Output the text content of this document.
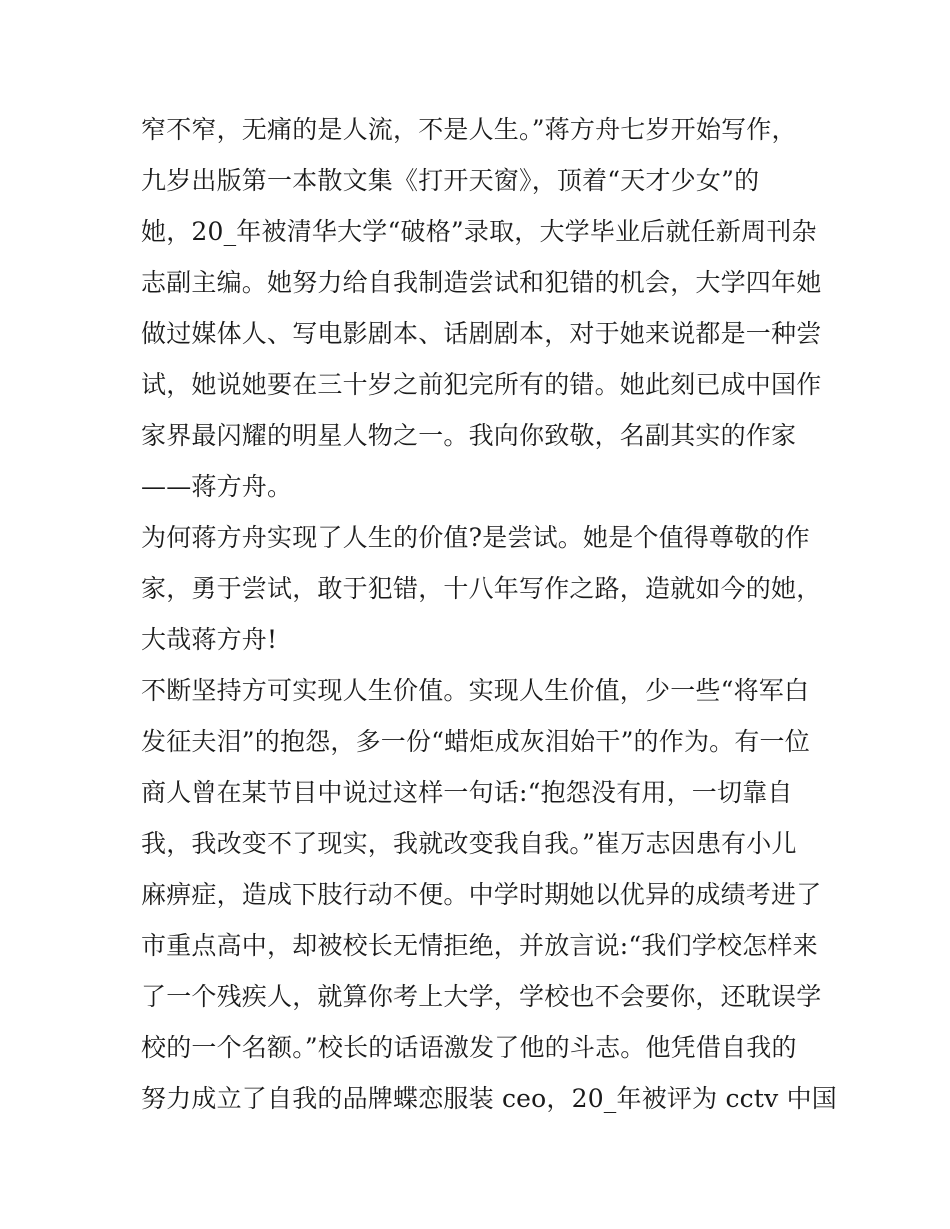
窄不窄，无痛的是人流，不是人生。”蒋方舟七岁开始写作，
九岁出版第一本散文集《打开天窗》，顶着“天才少女”的
她，20_年被清华大学“破格”录取，大学毕业后就任新周刊杂
志副主编。她努力给自我制造尝试和犯错的机会，大学四年她
做过媒体人、写电影剧本、话剧剧本，对于她来说都是一种尝
试，她说她要在三十岁之前犯完所有的错。她此刻已成中国作
家界最闪耀的明星人物之一。我向你致敬，名副其实的作家
——蒋方舟。
为何蒋方舟实现了人生的价值?是尝试。她是个值得尊敬的作
家，勇于尝试，敢于犯错，十八年写作之路，造就如今的她，
大哉蒋方舟!
不断坚持方可实现人生价值。实现人生价值，少一些“将军白
发征夫泪”的抱怨，多一份“蜡炬成灰泪始干”的作为。有一位
商人曾在某节目中说过这样一句话:“抱怨没有用，一切靠自
我，我改变不了现实，我就改变我自我。”崔万志因患有小儿
麻痹症，造成下肢行动不便。中学时期她以优异的成绩考进了
市重点高中，却被校长无情拒绝，并放言说:“我们学校怎样来
了一个残疾人，就算你考上大学，学校也不会要你，还耽误学
校的一个名额。”校长的话语激发了他的斗志。他凭借自我的
努力成立了自我的品牌蝶恋服装 ceo，20_年被评为 cctv 中国
